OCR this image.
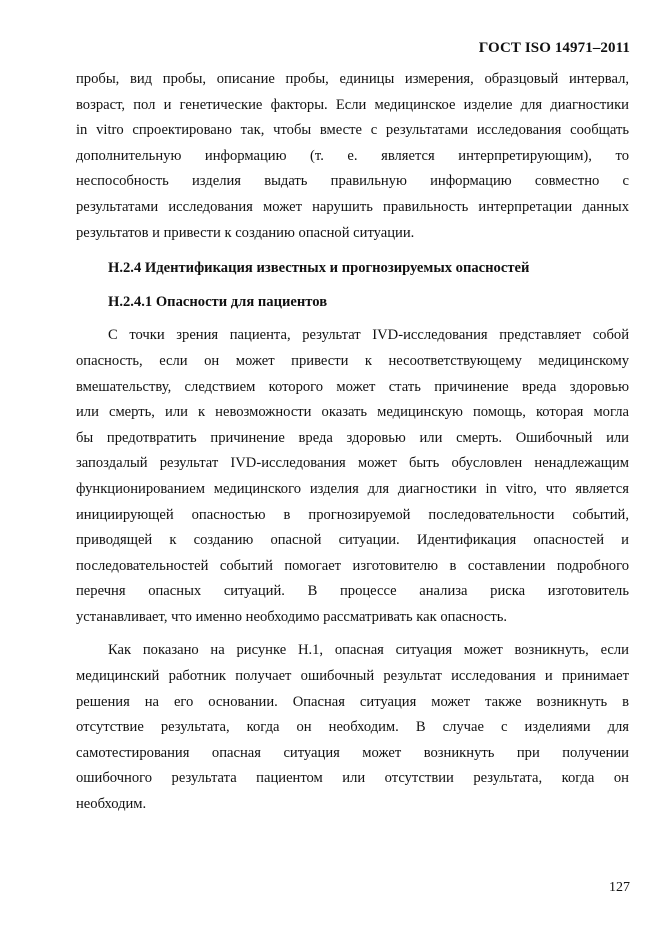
ГОСТ ISO 14971–2011
пробы, вид пробы, описание пробы, единицы измерения, образцовый интервал,
возраст, пол и генетические факторы. Если медицинское изделие для диагностики
in vitro спроектировано так, чтобы вместе с результатами исследования сообщать
дополнительную информацию (т. е. является интерпретирующим), то
неспособность изделия выдать правильную информацию совместно с
результатами исследования может нарушить правильность интерпретации данных
результатов и привести к созданию опасной ситуации.
H.2.4 Идентификация известных и прогнозируемых опасностей
H.2.4.1 Опасности для пациентов
С точки зрения пациента, результат IVD-исследования представляет собой
опасность, если он может привести к несоответствующему медицинскому
вмешательству, следствием которого может стать причинение вреда здоровью
или смерть, или к невозможности оказать медицинскую помощь, которая могла
бы предотвратить причинение вреда здоровью или смерть. Ошибочный или
запоздалый результат IVD-исследования может быть обусловлен ненадлежащим
функционированием медицинского изделия для диагностики in vitro, что является
инициирующей опасностью в прогнозируемой последовательности событий,
приводящей к созданию опасной ситуации. Идентификация опасностей и
последовательностей событий помогает изготовителю в составлении подробного
перечня опасных ситуаций. В процессе анализа риска изготовитель
устанавливает, что именно необходимо рассматривать как опасность.
Как показано на рисунке H.1, опасная ситуация может возникнуть, если
медицинский работник получает ошибочный результат исследования и принимает
решения на его основании. Опасная ситуация может также возникнуть в
отсутствие результата, когда он необходим. В случае с изделиями для
самотестирования опасная ситуация может возникнуть при получении
ошибочного результата пациентом или отсутствии результата, когда он
необходим.
127
